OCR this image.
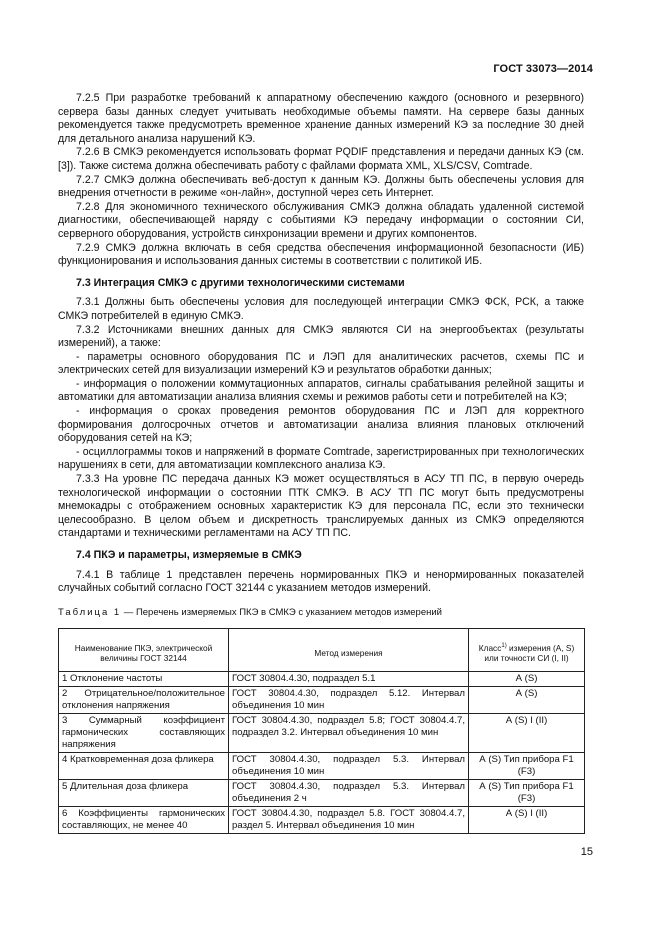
ГОСТ 33073—2014

7.2.5 При разработке требований к аппаратному обеспечению каждого (основного и резервного) сервера базы данных следует учитывать необходимые объемы памяти. На сервере базы данных рекомендуется также предусмотреть временное хранение данных измерений КЭ за последние 30 дней для детального анализа нарушений КЭ.

7.2.6 В СМКЭ рекомендуется использовать формат PQDIF представления и передачи данных КЭ (см. [3]). Также система должна обеспечивать работу с файлами формата XML, XLS/CSV, Comtrade.

7.2.7 СМКЭ должна обеспечивать веб-доступ к данным КЭ. Должны быть обеспечены условия для внедрения отчетности в режиме «он-лайн», доступной через сеть Интернет.

7.2.8 Для экономичного технического обслуживания СМКЭ должна обладать удаленной системой диагностики, обеспечивающей наряду с событиями КЭ передачу информации о состоянии СИ, серверного оборудования, устройств синхронизации времени и других компонентов.

7.2.9 СМКЭ должна включать в себя средства обеспечения информационной безопасности (ИБ) функционирования и использования данных системы в соответствии с политикой ИБ.

7.3 Интеграция СМКЭ с другими технологическими системами

7.3.1 Должны быть обеспечены условия для последующей интеграции СМКЭ ФСК, РСК, а также СМКЭ потребителей в единую СМКЭ.

7.3.2 Источниками внешних данных для СМКЭ являются СИ на энергообъектах (результаты измерений), а также:

- параметры основного оборудования ПС и ЛЭП для аналитических расчетов, схемы ПС и электрических сетей для визуализации измерений КЭ и результатов обработки данных;

- информация о положении коммутационных аппаратов, сигналы срабатывания релейной защиты и автоматики для автоматизации анализа влияния схемы и режимов работы сети и потребителей на КЭ;

- информация о сроках проведения ремонтов оборудования ПС и ЛЭП для корректного формирования долгосрочных отчетов и автоматизации анализа влияния плановых отключений оборудования сетей на КЭ;

- осциллограммы токов и напряжений в формате Comtrade, зарегистрированных при технологических нарушениях в сети, для автоматизации комплексного анализа КЭ.

7.3.3 На уровне ПС передача данных КЭ может осуществляться в АСУ ТП ПС, в первую очередь технологической информации о состоянии ПТК СМКЭ. В АСУ ТП ПС могут быть предусмотрены мнемокадры с отображением основных характеристик КЭ для персонала ПС, если это технически целесообразно. В целом объем и дискретность транслируемых данных из СМКЭ определяются стандартами и техническими регламентами на АСУ ТП ПС.

7.4 ПКЭ и параметры, измеряемые в СМКЭ

7.4.1 В таблице 1 представлен перечень нормированных ПКЭ и ненормированных показателей случайных событий согласно ГОСТ 32144 с указанием методов измерений.

Таблица 1 — Перечень измеряемых ПКЭ в СМКЭ с указанием методов измерений
Наименование ПКЭ, электрической величины ГОСТ 32144	Метод измерения	Класс$^{1)}$ измерения (А, S) или точности СИ (I, II)
1 Отклонение частоты	ГОСТ 30804.4.30, подраздел 5.1	А (S)
2 Отрицательное/положительное отклонения напряжения	ГОСТ 30804.4.30, подраздел 5.12. Интервал объединения 10 мин	А (S)
3 Суммарный коэффициент гармонических составляющих напряжения	ГОСТ 30804.4.30, подраздел 5.8; ГОСТ 30804.4.7, подраздел 3.2. Интервал объединения 10 мин	А (S) I (II)
4 Кратковременная доза фликера	ГОСТ 30804.4.30, подраздел 5.3. Интервал объединения 10 мин	А (S) Тип прибора F1 (F3)
5 Длительная доза фликера	ГОСТ 30804.4.30, подраздел 5.3. Интервал объединения 2 ч	А (S) Тип прибора F1 (F3)
6 Коэффициенты гармонических составляющих, не менее 40	ГОСТ 30804.4.30, подраздел 5.8. ГОСТ 30804.4.7, раздел 5. Интервал объединения 10 мин	А (S) I (II)
15
